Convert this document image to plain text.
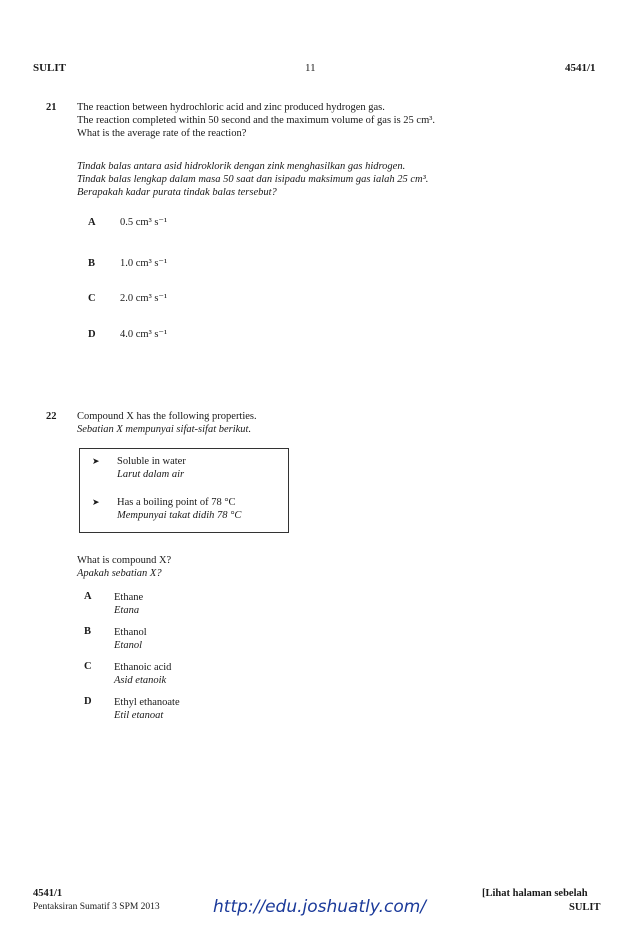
SULIT	11	4541/1
21 The reaction between hydrochloric acid and zinc produced hydrogen gas.
The reaction completed within 50 second and the maximum volume of gas is 25 cm³.
What is the average rate of the reaction?
Tindak balas antara asid hidroklorik dengan zink menghasilkan gas hidrogen.
Tindak balas lengkap dalam masa 50 saat dan isipadu maksimum gas ialah 25 cm³.
Berapakah kadar purata tindak balas tersebut?
A 0.5 cm³ s⁻¹
B 1.0 cm³ s⁻¹
C 2.0 cm³ s⁻¹
D 4.0 cm³ s⁻¹
22 Compound X has the following properties.
Sebatian X mempunyai sifat-sifat berikut.
➤ Soluble in water
Larut dalam air
➤ Has a boiling point of 78 °C
Mempunyai takat didih 78 °C
What is compound X?
Apakah sebatian X?
A Ethane
Etana
B Ethanol
Etanol
C Ethanoic acid
Asid etanoik
D Ethyl ethanoate
Etil etanoat
4541/1
Pentaksiran Sumatif 3 SPM 2013	http://edu.joshuatly.com/
[Lihat halaman sebelah
SULIT
